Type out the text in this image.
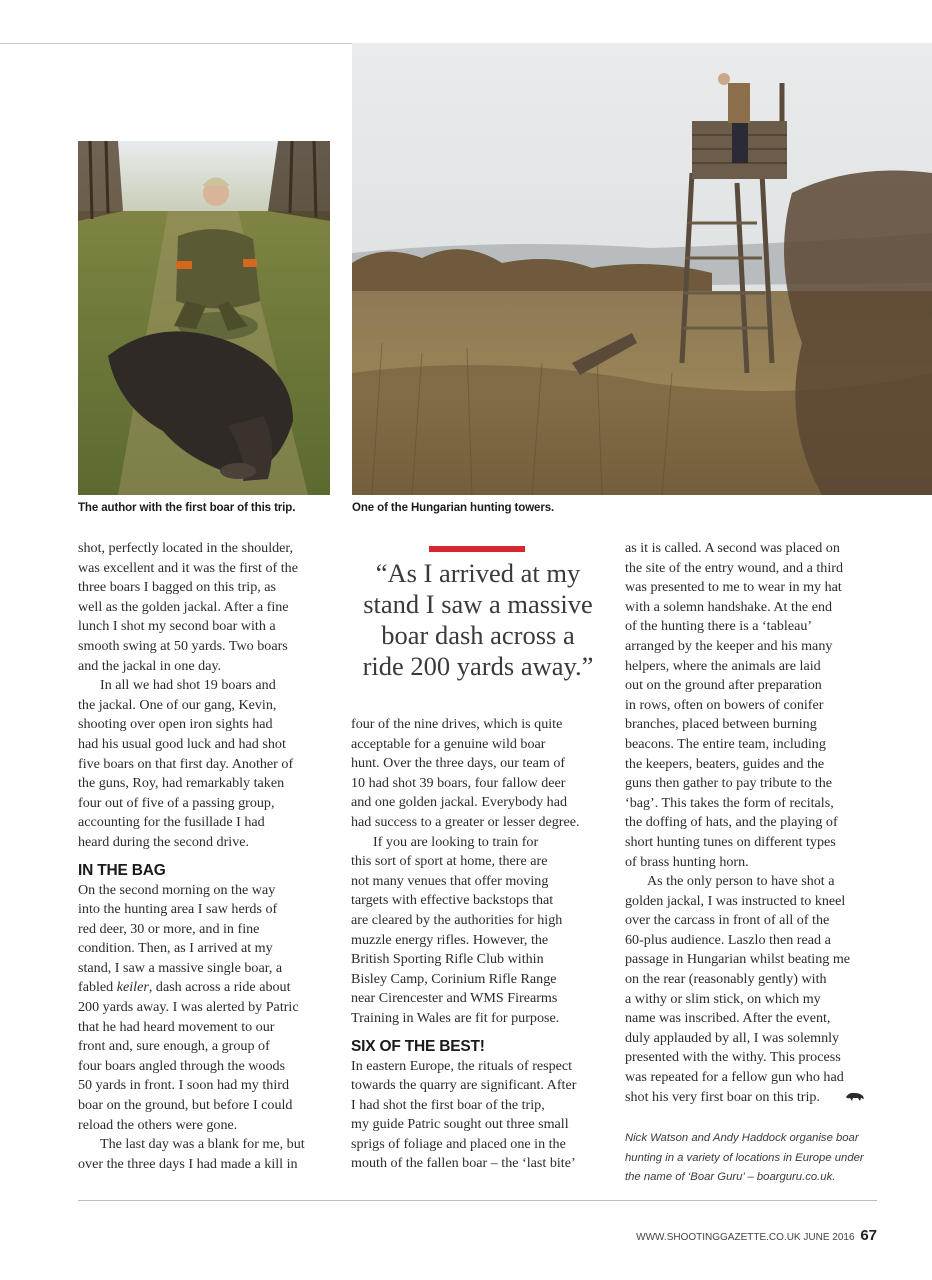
The author with the first boar of this trip.	One of the Hungarian hunting towers.

shot, perfectly located in the shoulder,
was excellent and it was the first of the
three boars I bagged on this trip, as
well as the golden jackal. After a fine
lunch I shot my second boar with a
smooth swing at 50 yards. Two boars
and the jackal in one day.

In all we had shot 19 boars and
the jackal. One of our gang, Kevin,
shooting over open iron sights had
had his usual good luck and had shot
five boars on that first day. Another of
the guns, Roy, had remarkably taken
four out of five of a passing group,
accounting for the fusillade I had
heard during the second drive.

IN THE BAG

On the second morning on the way
into the hunting area I saw herds of
red deer, 30 or more, and in fine
condition. Then, as I arrived at my
stand, I saw a massive single boar, a
fabled keiler, dash across a ride about
200 yards away. I was alerted by Patric
that he had heard movement to our
front and, sure enough, a group of
four boars angled through the woods
50 yards in front. I soon had my third
boar on the ground, but before I could
reload the others were gone.

The last day was a blank for me, but
over the three days I had made a kill in

“As I arrived at my
stand I saw a massive
boar dash across a
ride 200 yards away.”

four of the nine drives, which is quite
acceptable for a genuine wild boar
hunt. Over the three days, our team of
10 had shot 39 boars, four fallow deer
and one golden jackal. Everybody had
had success to a greater or lesser degree.

If you are looking to train for
this sort of sport at home, there are
not many venues that offer moving
targets with effective backstops that
are cleared by the authorities for high
muzzle energy rifles. However, the
British Sporting Rifle Club within
Bisley Camp, Corinium Rifle Range
near Cirencester and WMS Firearms
Training in Wales are fit for purpose.

SIX OF THE BEST!

In eastern Europe, the rituals of respect
towards the quarry are significant. After
I had shot the first boar of the trip,
my guide Patric sought out three small
sprigs of foliage and placed one in the
mouth of the fallen boar – the ‘last bite’

as it is called. A second was placed on
the site of the entry wound, and a third
was presented to me to wear in my hat
with a solemn handshake. At the end
of the hunting there is a ‘tableau’
arranged by the keeper and his many
helpers, where the animals are laid
out on the ground after preparation
in rows, often on bowers of conifer
branches, placed between burning
beacons. The entire team, including
the keepers, beaters, guides and the
guns then gather to pay tribute to the
‘bag’. This takes the form of recitals,
the doffing of hats, and the playing of
short hunting tunes on different types
of brass hunting horn.

As the only person to have shot a
golden jackal, I was instructed to kneel
over the carcass in front of all of the
60-plus audience. Laszlo then read a
passage in Hungarian whilst beating me
on the rear (reasonably gently) with
a withy or slim stick, on which my
name was inscribed. After the event,
duly applauded by all, I was solemnly
presented with the withy. This process
was repeated for a fellow gun who had
shot his very first boar on this trip.

Nick Watson and Andy Haddock organise boar
hunting in a variety of locations in Europe under
the name of ‘Boar Guru’ – boarguru.co.uk.
WWW.SHOOTINGGAZETTE.CO.UK JUNE 2016 67
